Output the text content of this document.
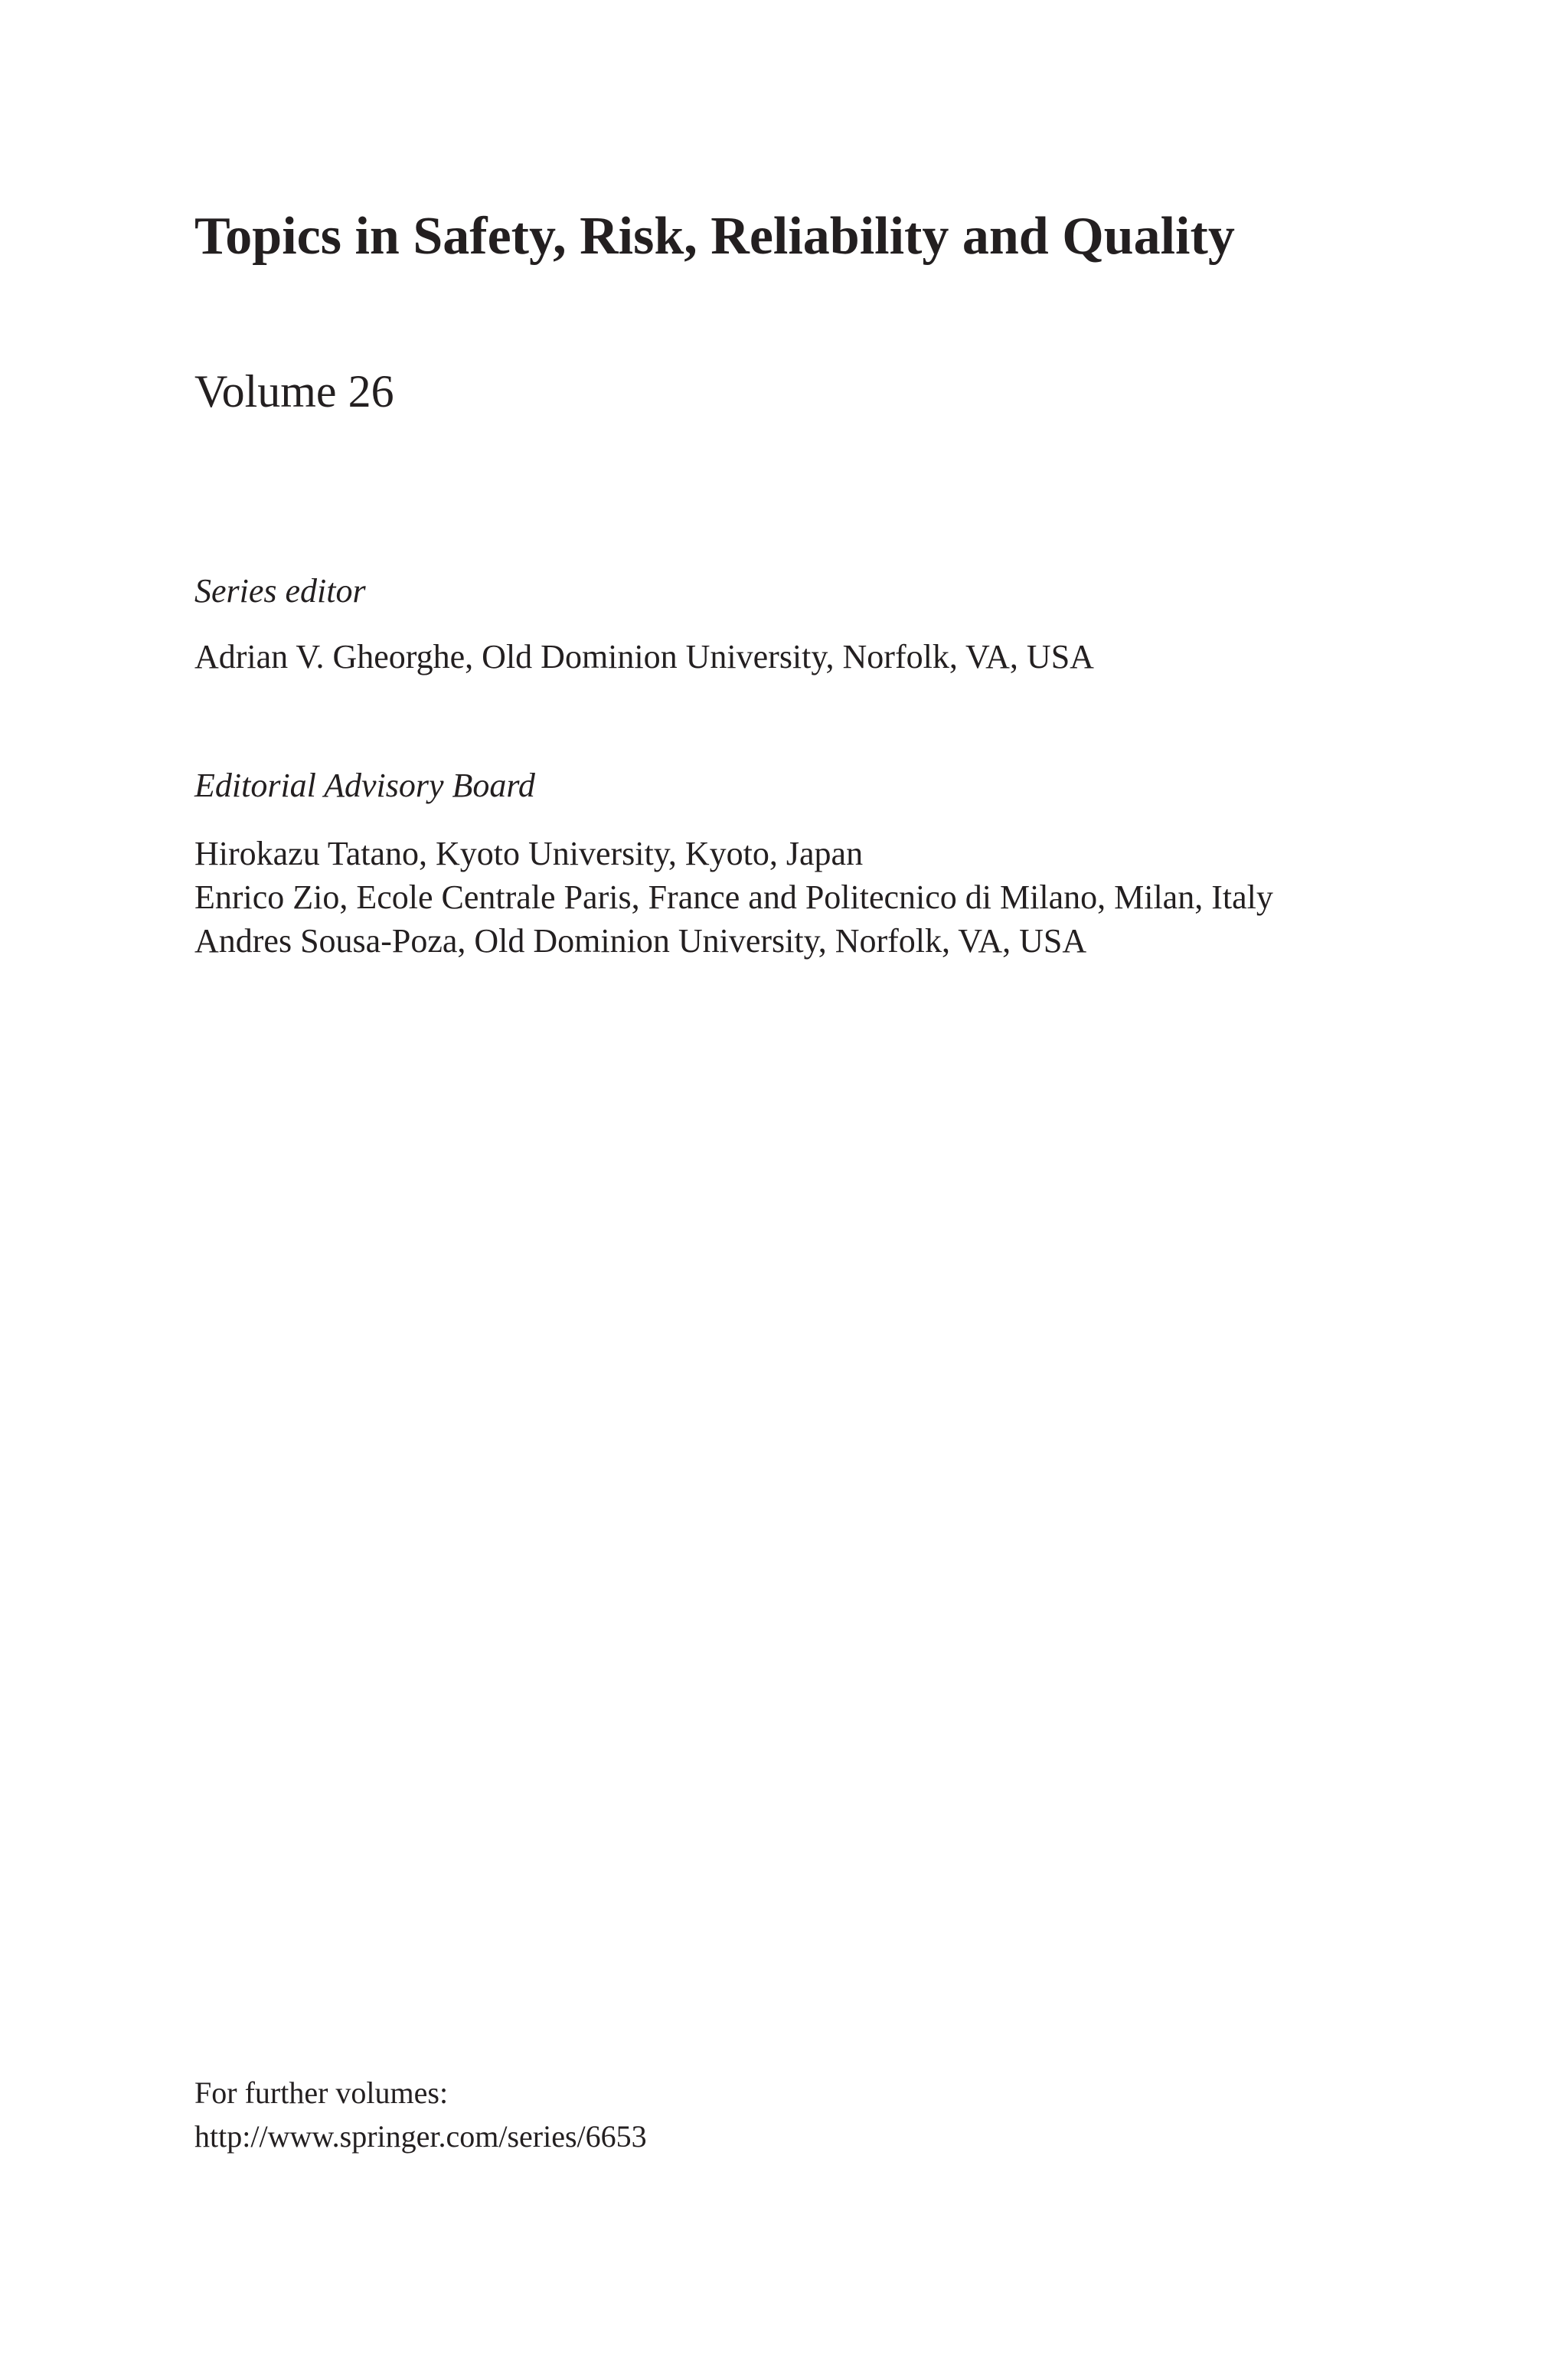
Topics in Safety, Risk, Reliability and Quality
Volume 26

Series editor

Adrian V. Gheorghe, Old Dominion University, Norfolk, VA, USA

Editorial Advisory Board

Hirokazu Tatano, Kyoto University, Kyoto, Japan
Enrico Zio, Ecole Centrale Paris, France and Politecnico di Milano, Milan, Italy
Andres Sousa-Poza, Old Dominion University, Norfolk, VA, USA
For further volumes:
http://www.springer.com/series/6653
